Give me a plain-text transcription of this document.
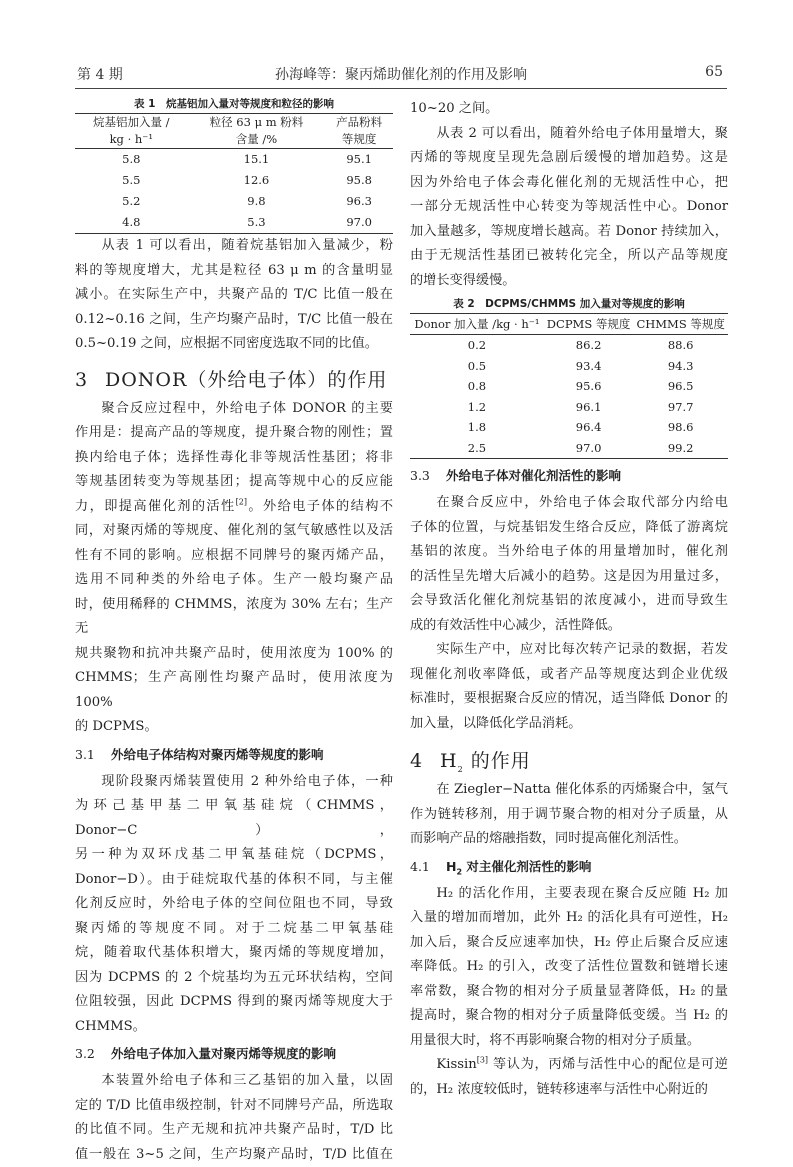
第 4 期	孙海峰等：聚丙烯助催化剂的作用及影响	65
表 1　烷基铝加入量对等规度和粒径的影响
烷基铝加入量 /	粒径 63 μ m 粉料	产品粉料
kg · h⁻¹	含量 /%	等规度
5.8	15.1	95.1
5.5	12.6	95.8
5.2	9.8	96.3
4.8	5.3	97.0

从表 1 可以看出，随着烷基铝加入量减少，粉

料的等规度增大，尤其是粒径 63 μ m 的含量明显

减小。在实际生产中，共聚产品的 T/C 比值一般在

0.12~0.16 之间，生产均聚产品时，T/C 比值一般在

0.5~0.19 之间，应根据不同密度选取不同的比值。

3 DONOR（外给电子体）的作用

聚合反应过程中，外给电子体 DONOR 的主要

作用是：提高产品的等规度，提升聚合物的刚性；置

换内给电子体；选择性毒化非等规活性基团；将非

等规基团转变为等规基团；提高等规中心的反应能

力，即提高催化剂的活性[2]。外给电子体的结构不

同，对聚丙烯的等规度、催化剂的氢气敏感性以及活

性有不同的影响。应根据不同牌号的聚丙烯产品，

选用不同种类的外给电子体。生产一般均聚产品

时，使用稀释的 CHMMS，浓度为 30% 左右；生产无

规共聚物和抗冲共聚产品时，使用浓度为 100% 的

CHMMS；生产高刚性均聚产品时，使用浓度为 100%

的 DCPMS。

3.1 外给电子体结构对聚丙烯等规度的影响

现阶段聚丙烯装置使用 2 种外给电子体，一种

为环己基甲基二甲氧基硅烷（CHMMS，Donor−C），

另一种为双环戊基二甲氧基硅烷（DCPMS，

Donor−D）。由于硅烷取代基的体积不同，与主催

化剂反应时，外给电子体的空间位阻也不同，导致

聚丙烯的等规度不同。对于二烷基二甲氧基硅

烷，随着取代基体积增大，聚丙烯的等规度增加，

因为 DCPMS 的 2 个烷基均为五元环状结构，空间

位阻较强，因此 DCPMS 得到的聚丙烯等规度大于

CHMMS。

3.2 外给电子体加入量对聚丙烯等规度的影响

本装置外给电子体和三乙基铝的加入量，以固

定的 T/D 比值串级控制，针对不同牌号产品，所选取

的比值不同。生产无规和抗冲共聚产品时，T/D 比

值一般在 3~5 之间，生产均聚产品时，T/D 比值在

10~20 之间。

从表 2 可以看出，随着外给电子体用量增大，聚

丙烯的等规度呈现先急剧后缓慢的增加趋势。这是

因为外给电子体会毒化催化剂的无规活性中心，把

一部分无规活性中心转变为等规活性中心。Donor

加入量越多，等规度增长越高。若 Donor 持续加入，

由于无规活性基团已被转化完全，所以产品等规度

的增长变得缓慢。

表 2　DCPMS/CHMMS 加入量对等规度的影响
Donor 加入量 /kg · h⁻¹	DCPMS 等规度	CHMMS 等规度
0.2	86.2	88.6
0.5	93.4	94.3
0.8	95.6	96.5
1.2	96.1	97.7
1.8	96.4	98.6
2.5	97.0	99.2
3.3 外给电子体对催化剂活性的影响

在聚合反应中，外给电子体会取代部分内给电

子体的位置，与烷基铝发生络合反应，降低了游离烷

基铝的浓度。当外给电子体的用量增加时，催化剂

的活性呈先增大后减小的趋势。这是因为用量过多，

会导致活化催化剂烷基铝的浓度减小，进而导致生

成的有效活性中心减少，活性降低。

实际生产中，应对比每次转产记录的数据，若发

现催化剂收率降低，或者产品等规度达到企业优级

标准时，要根据聚合反应的情况，适当降低 Donor 的

加入量，以降低化学品消耗。

4 $H_2$ 的作用

在 Ziegler−Natta 催化体系的丙烯聚合中，氢气

作为链转移剂，用于调节聚合物的相对分子质量，从

而影响产品的熔融指数，同时提高催化剂活性。

4.1 $H_2$ 对主催化剂活性的影响

H₂ 的活化作用，主要表现在聚合反应随 H₂ 加

入量的增加而增加，此外 H₂ 的活化具有可逆性，H₂

加入后，聚合反应速率加快，H₂ 停止后聚合反应速

率降低。H₂ 的引入，改变了活性位置数和链增长速

率常数，聚合物的相对分子质量显著降低，H₂ 的量

提高时，聚合物的相对分子质量降低变缓。当 H₂ 的

用量很大时，将不再影响聚合物的相对分子质量。

Kissin[3] 等认为，丙烯与活性中心的配位是可逆

的，H₂ 浓度较低时，链转移速率与活性中心附近的
